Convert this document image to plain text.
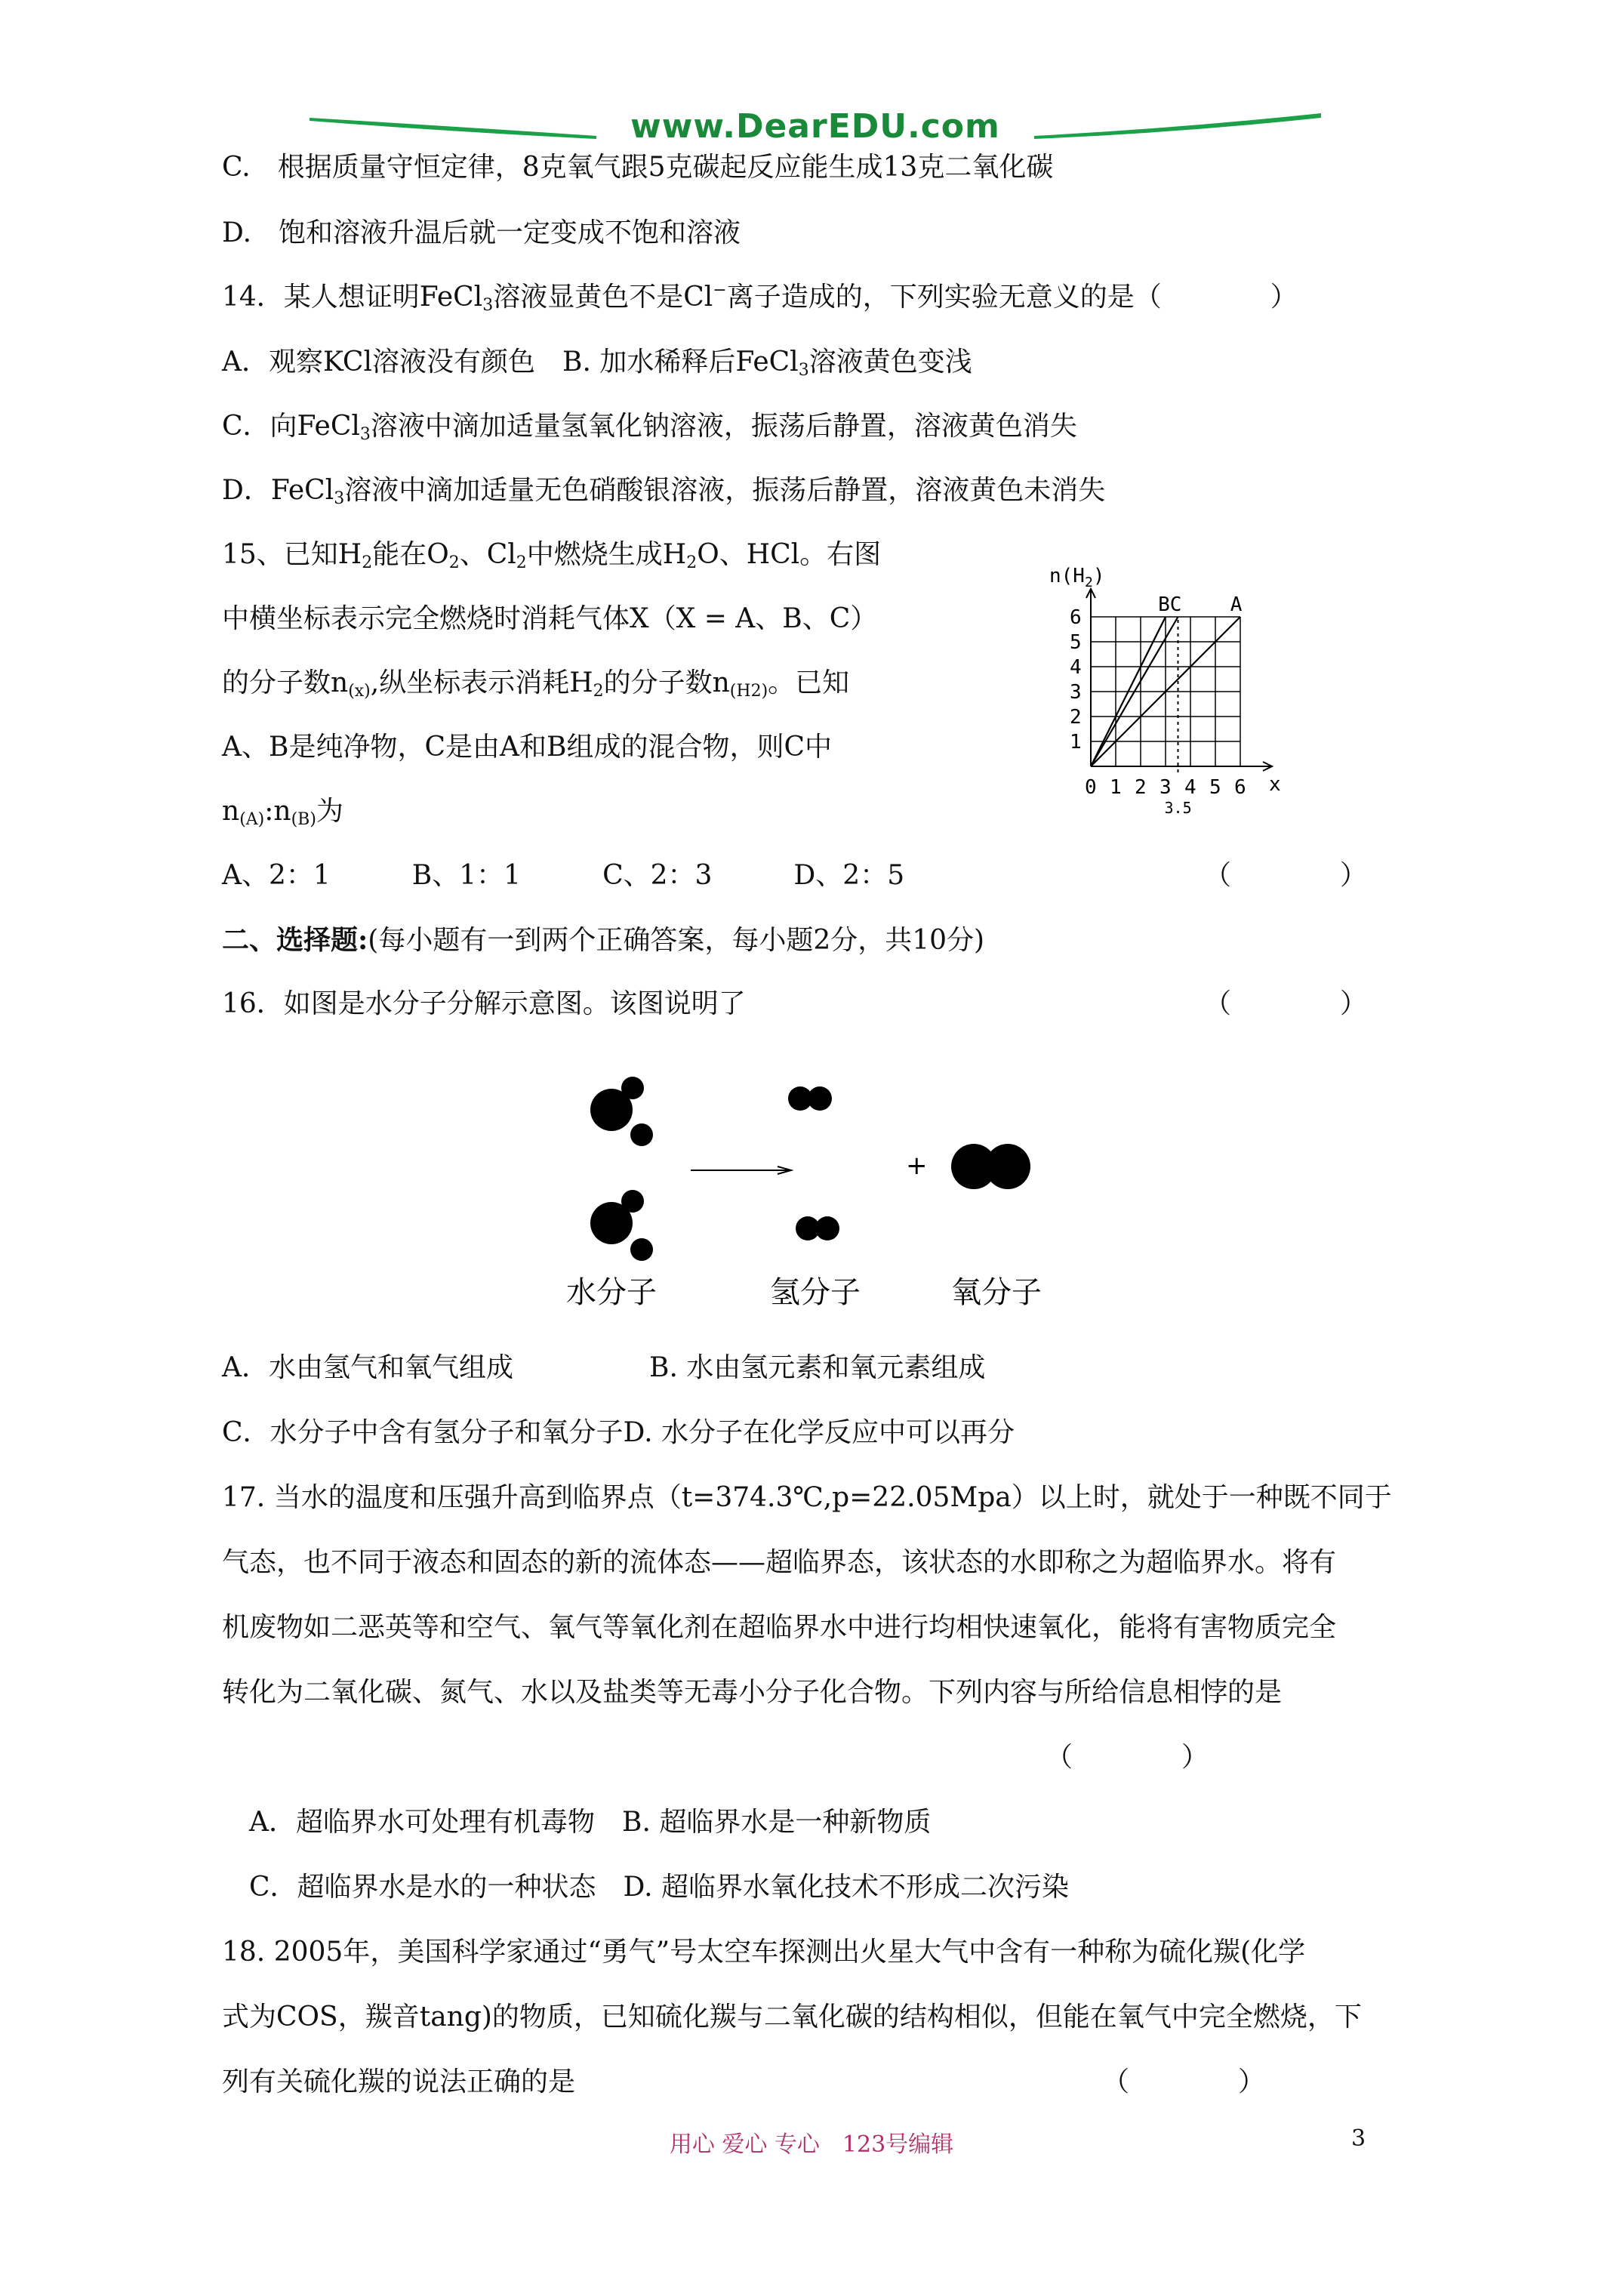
www.DearEDU.com
C.　根据质量守恒定律，8克氧气跟5克碳起反应能生成13克二氧化碳
D.　饱和溶液升温后就一定变成不饱和溶液
14．某人想证明FeCl$_3$溶液显黄色不是Cl−离子造成的，下列实验无意义的是（　　　　）
A．观察KCl溶液没有颜色　B. 加水稀释后FeCl$_3$溶液黄色变浅
C．向FeCl$_3$溶液中滴加适量氢氧化钠溶液，振荡后静置，溶液黄色消失
D．FeCl$_3$溶液中滴加适量无色硝酸银溶液，振荡后静置，溶液黄色未消失
15、已知$H_2$能在$O_2$、$Cl_2$中燃烧生成$H_2O$、HCl。右图
中横坐标表示完全燃烧时消耗气体X（X = A、B、C）
的分子数$n_{(x)}$,纵坐标表示消耗$H_2$的分子数$n_{(H2)}$。已知
A、B是纯净物，C是由A和B组成的混合物，则C中
$n_{(A)}:n_{(B)}$为
A、2：1　　　B、1：1　　　C、2：3　　　D、2：5	（　　　　）
$n(H_2)$
1
2
3
4
5
6
0 1 2 3 4 5 6
BC A
x
3.5
二、选择题:(每小题有一到两个正确答案，每小题2分，共10分)
16．如图是水分子分解示意图。该图说明了	（　　　　）
+
水分子	氢分子	氧分子
A．水由氢气和氧气组成　　　　　B. 水由氢元素和氧元素组成
C．水分子中含有氢分子和氧分子D. 水分子在化学反应中可以再分
17. 当水的温度和压强升高到临界点（t=374.3℃,p=22.05Mpa）以上时，就处于一种既不同于
气态，也不同于液态和固态的新的流体态——超临界态，该状态的水即称之为超临界水。将有
机废物如二恶英等和空气、氧气等氧化剂在超临界水中进行均相快速氧化，能将有害物质完全
转化为二氧化碳、氮气、水以及盐类等无毒小分子化合物。下列内容与所给信息相悖的是
（　　　　）
A．超临界水可处理有机毒物　B. 超临界水是一种新物质
C．超临界水是水的一种状态　D. 超临界水氧化技术不形成二次污染
18. 2005年，美国科学家通过“勇气”号太空车探测出火星大气中含有一种称为硫化羰(化学
式为COS，羰音tang)的物质，已知硫化羰与二氧化碳的结构相似，但能在氧气中完全燃烧，下
列有关硫化羰的说法正确的是	（　　　　）
用心 爱心 专心　123号编辑	3
